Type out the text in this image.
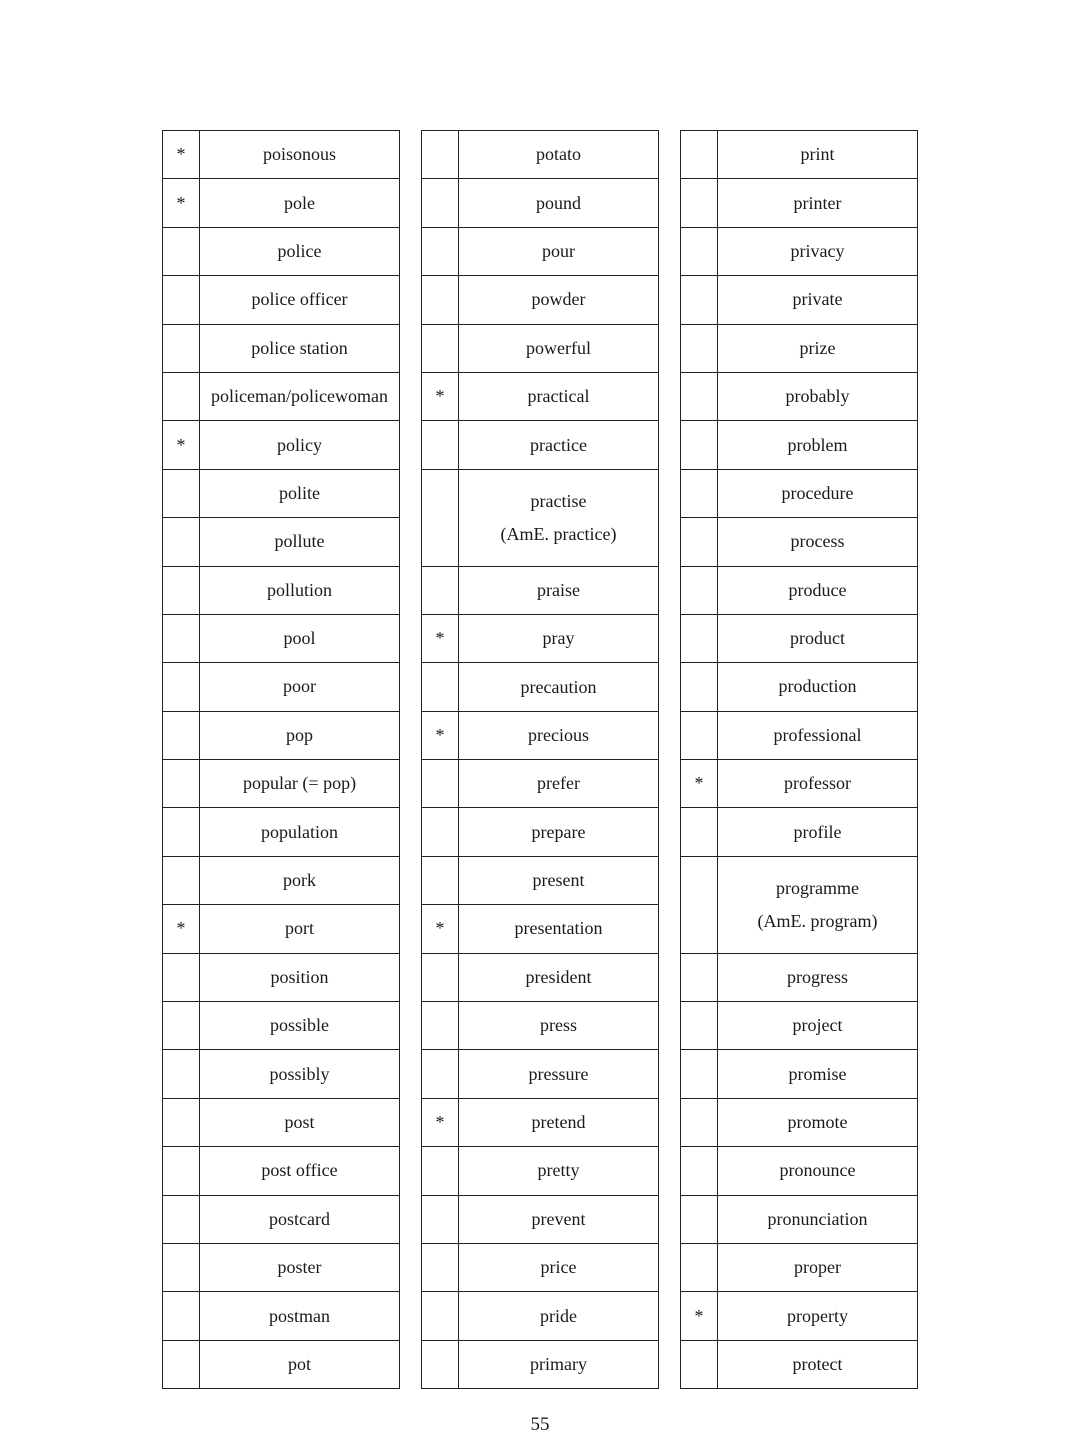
*	poisonous

*	pole

	police

	police officer

	police station

	policeman/policewoman

*	policy

	polite

	pollute

	pollution

	pool

	poor

	pop

	popular (= pop)

	population

	pork

*	port

	position

	possible

	possibly

	post

	post office

	postcard

	poster

	postman

	pot

	potato

	pound

	pour

	powder

	powerful

*	practical

	practice

	practise
(AmE. practice)

	praise

*	pray

	precaution

*	precious

	prefer

	prepare

	present

*	presentation

	president

	press

	pressure

*	pretend

	pretty

	prevent

	price

	pride

	primary

	print

	printer

	privacy

	private

	prize

	probably

	problem

	procedure

	process

	produce

	product

	production

	professional

*	professor

	profile

	programme
(AmE. program)

	progress

	project

	promise

	promote

	pronounce

	pronunciation

	proper

*	property

	protect
55
